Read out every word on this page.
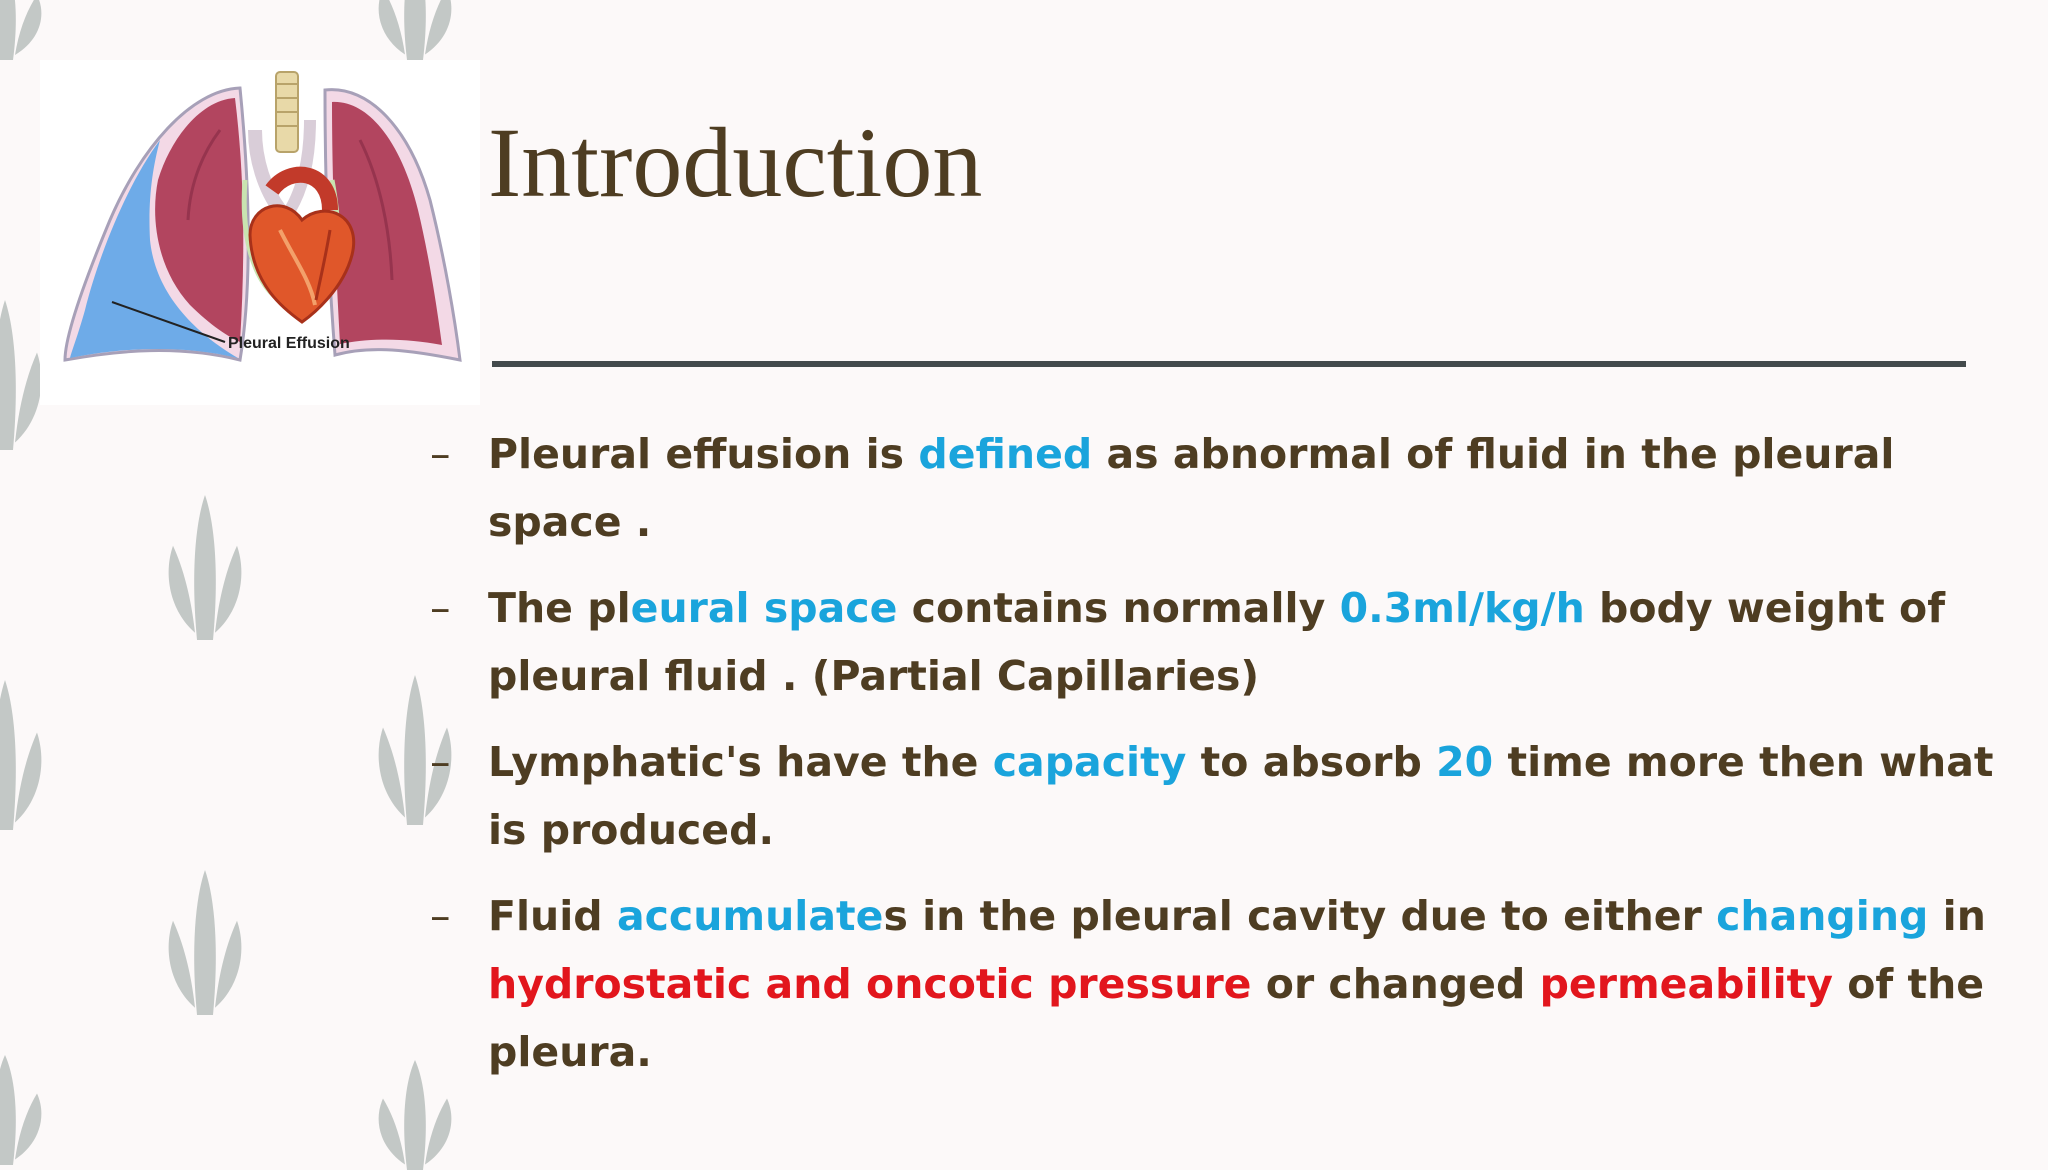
Pleural Effusion
Introduction
– Pleural effusion is defined as abnormal of fluid in the pleural space .
– The pleural space contains normally 0.3ml/kg/h body weight of pleural fluid . (Partial Capillaries)
– Lymphatic's have the capacity to absorb 20 time more then what is produced.
– Fluid accumulates in the pleural cavity due to either changing in hydrostatic and oncotic pressure or changed permeability of the pleura.
